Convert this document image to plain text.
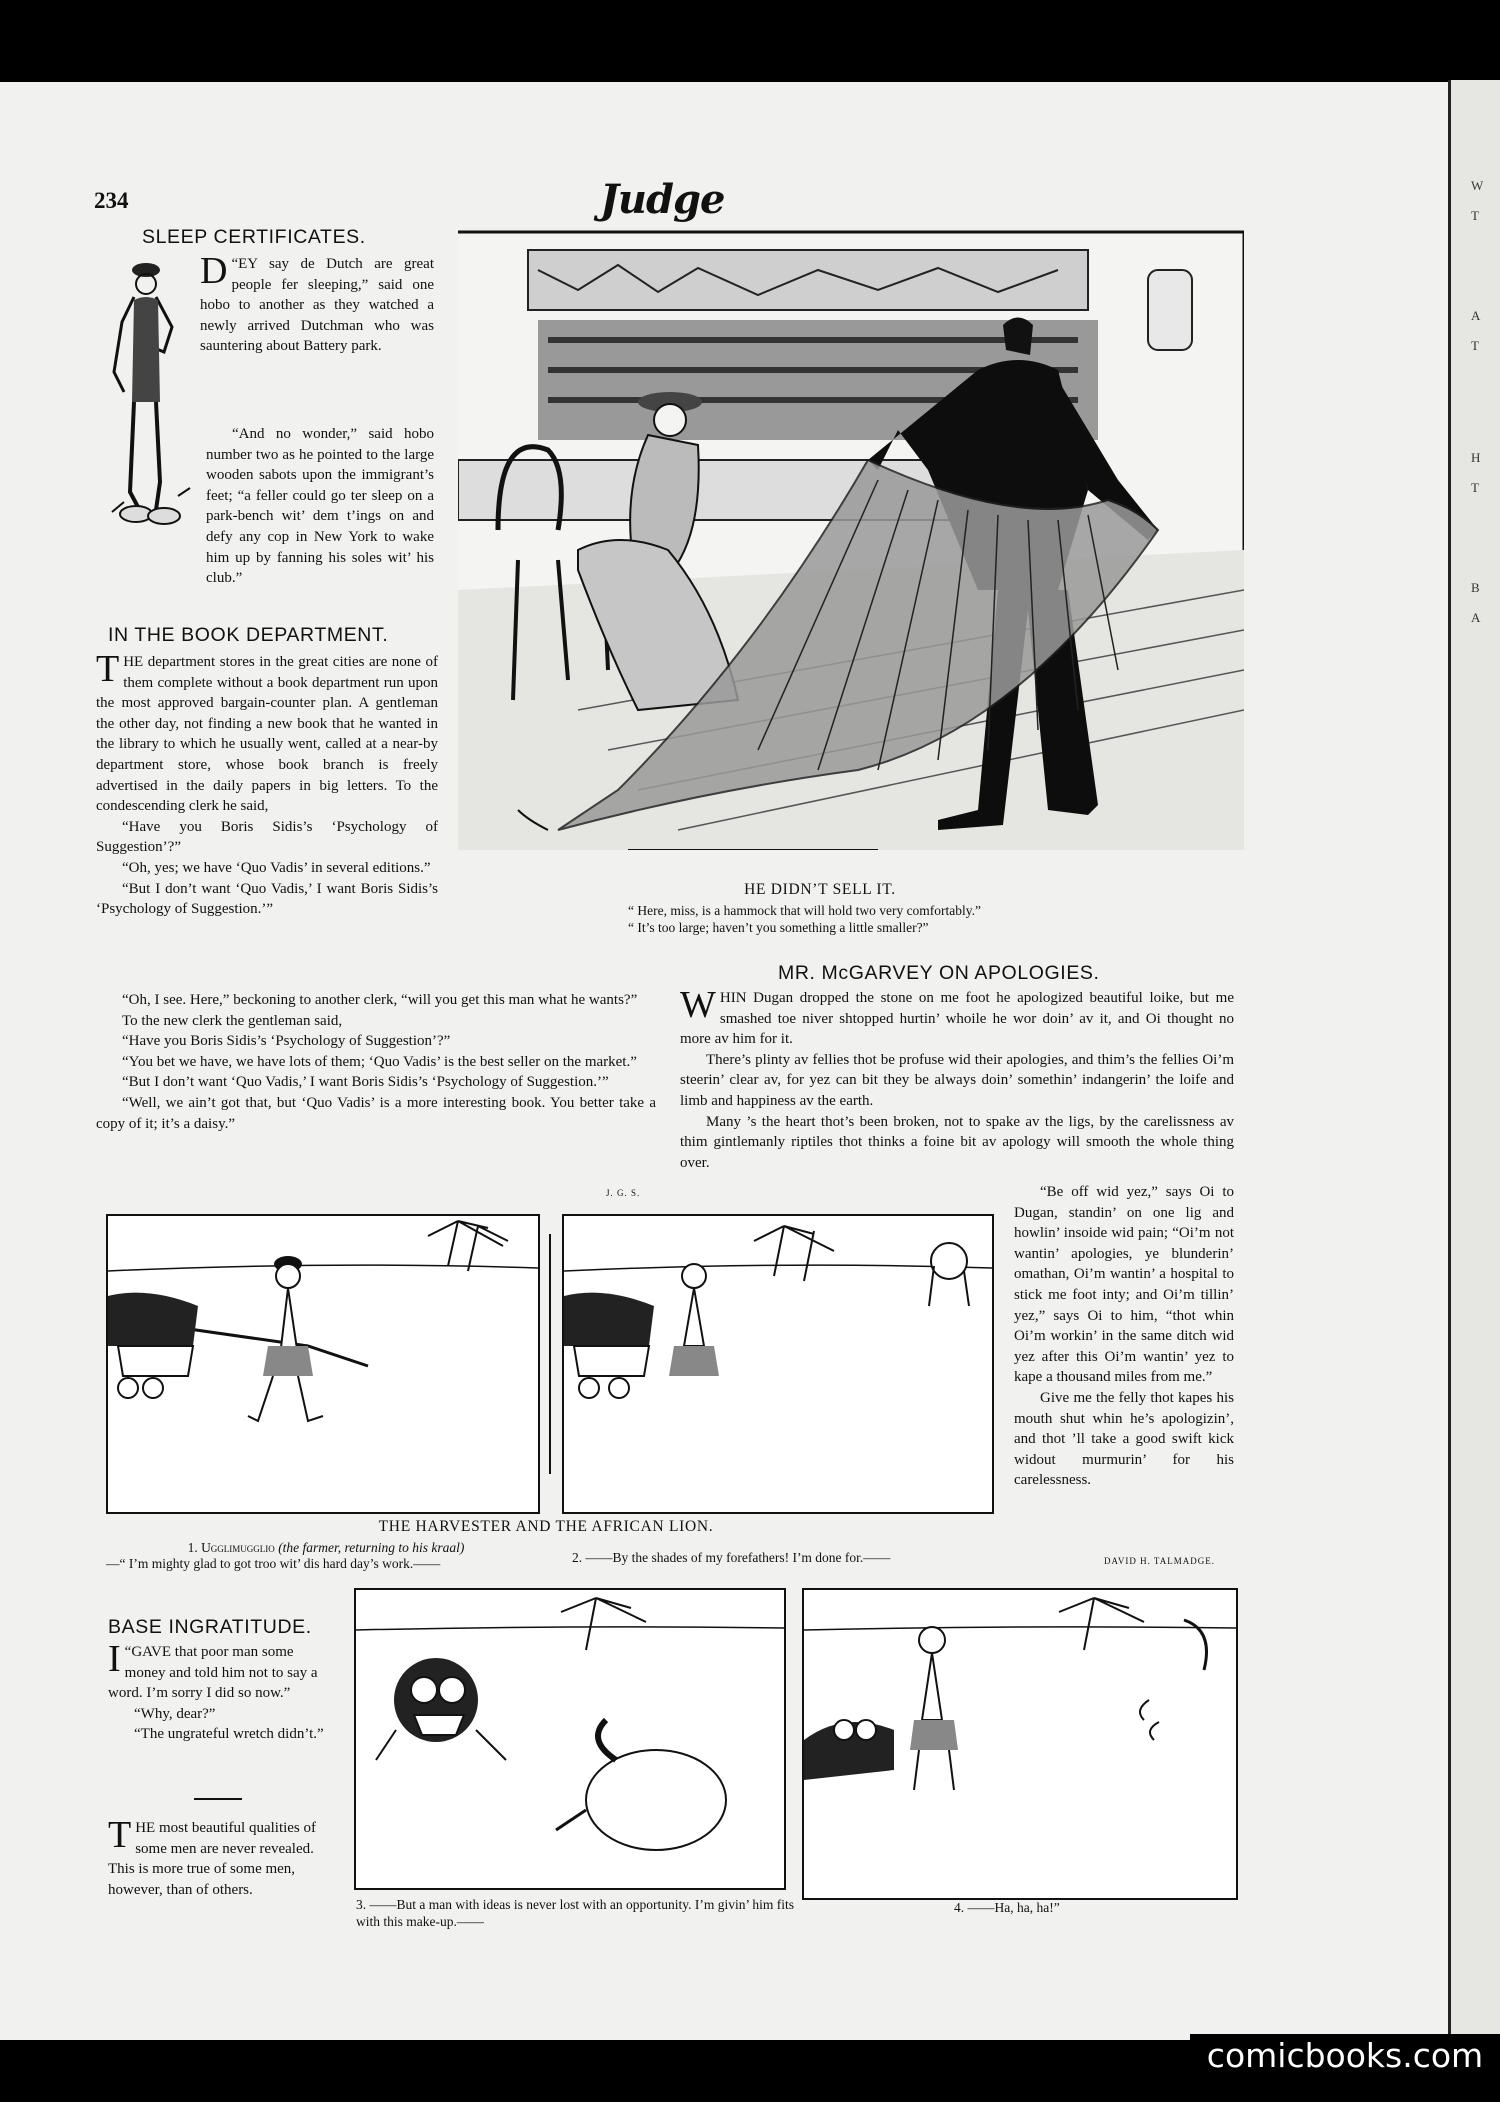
W
T
A
T
H
T
B
A
234	Judge
SLEEP CERTIFICATES.

“
D EY say de Dutch are great people fer sleeping,” said one hobo to another as they watched a newly arrived Dutchman who was sauntering about Battery park.

“And no wonder,” said hobo number two as he pointed to the large wooden sabots upon the immigrant’s feet; “a feller could go ter sleep on a park-bench wit’ dem t’ings on and defy any cop in New York to wake him up by fanning his soles wit’ his club.”

IN THE BOOK DEPARTMENT.

THE department stores in the great cities are none of them complete without a book department run upon the most approved bargain-counter plan. A gentleman the other day, not finding a new book that he wanted in the library to which he usually went, called at a near-by department store, whose book branch is freely advertised in the daily papers in big letters. To the condescending clerk he said,

“Have you Boris Sidis’s ‘Psychology of Suggestion’?”

“Oh, yes; we have ‘Quo Vadis’ in several editions.”

“But I don’t want ‘Quo Vadis,’ I want Boris Sidis’s ‘Psychology of Suggestion.’”

“Oh, I see. Here,” beckoning to another clerk, “will you get this man what he wants?”

To the new clerk the gentleman said,

“Have you Boris Sidis’s ‘Psychology of Suggestion’?”

“You bet we have, we have lots of them; ‘Quo Vadis’ is the best seller on the market.”

“But I don’t want ‘Quo Vadis,’ I want Boris Sidis’s ‘Psychology of Suggestion.’”

“Well, we ain’t got that, but ‘Quo Vadis’ is a more interesting book. You better take a copy of it; it’s a daisy.”

J. G. S.
HE DIDN’T SELL IT.
“ Here, miss, is a hammock that will hold two very comfortably.”
“ It’s too large; haven’t you something a little smaller?”
MR. McGARVEY ON APOLOGIES.

WHIN Dugan dropped the stone on me foot he apologized beautiful loike, but me smashed toe niver shtopped hurtin’ whoile he wor doin’ av it, and Oi thought no more av him for it.

There’s plinty av fellies thot be profuse wid their apologies, and thim’s the fellies Oi’m steerin’ clear av, for yez can bit they be always doin’ somethin’ indangerin’ the loife and limb and happiness av the earth.

Many ’s the heart thot’s been broken, not to spake av the ligs, by the carelissness av thim gintlemanly riptiles thot thinks a foine bit av apology will smooth the whole thing over.

“Be off wid yez,” says Oi to Dugan, standin’ on one lig and howlin’ insoide wid pain; “Oi’m not wantin’ apologies, ye blunderin’ omathan, Oi’m wantin’ a hospital to stick me foot inty; and Oi’m tillin’ yez,” says Oi to him, “thot whin Oi’m workin’ in the same ditch wid yez after this Oi’m wantin’ yez to kape a thousand miles from me.”

Give me the felly thot kapes his mouth shut whin he’s apologizin’, and thot ’ll take a good swift kick widout murmurin’ for his carelessness.

DAVID H. TALMADGE.
THE HARVESTER AND THE AFRICAN LION.
1. Ugglimugglio (the farmer, returning to his kraal)
—“ I’m mighty glad to got troo wit’ dis hard day’s work.——	2. ——By the shades of my forefathers! I’m done for.——
3. ——But a man with ideas is never lost with an opportunity. I’m givin’ him fits with this make-up.——
4. ——Ha, ha, ha!”
BASE INGRATITUDE.

“
I GAVE that poor man some money and told him not to say a word. I’m sorry I did so now.”

“Why, dear?”

“The ungrateful wretch didn’t.”

THE most beautiful qualities of some men are never revealed. This is more true of some men, however, than of others.

comicbooks.com
